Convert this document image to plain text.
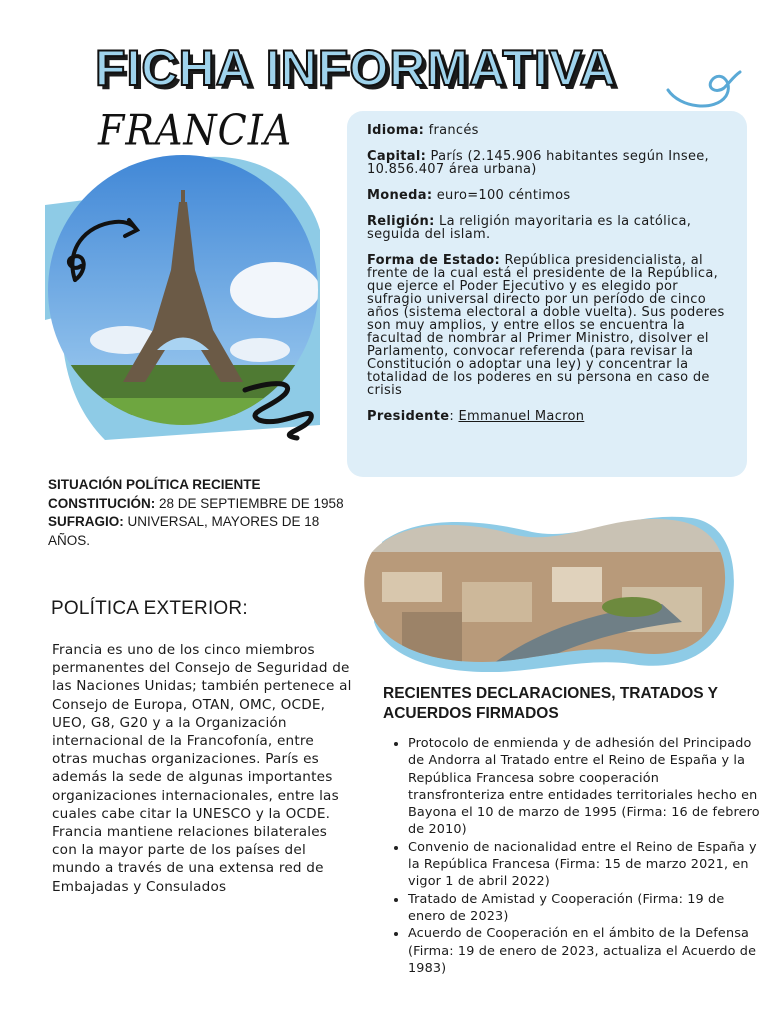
FICHA INFORMATIVA
FRANCIA	Idioma: francés

Capital: París (2.145.906 habitantes según Insee, 10.856.407 área urbana)

Moneda: euro=100 céntimos

Religión: La religión mayoritaria es la católica, seguida del islam.

Forma de Estado: República presidencialista, al frente de la cual está el presidente de la República, que ejerce el Poder Ejecutivo y es elegido por sufragio universal directo por un período de cinco años (sistema electoral a doble vuelta). Sus poderes son muy amplios, y entre ellos se encuentra la facultad de nombrar al Primer Ministro, disolver el Parlamento, convocar referenda (para revisar la Constitución o adoptar una ley) y concentrar la totalidad de los poderes en su persona en caso de crisis

Presidente: Emmanuel Macron

SITUACIÓN POLÍTICA RECIENTE
CONSTITUCIÓN: 28 DE SEPTIEMBRE DE 1958
SUFRAGIO: UNIVERSAL, MAYORES DE 18 AÑOS.
POLÍTICA EXTERIOR:
Francia es uno de los cinco miembros permanentes del Consejo de Seguridad de las Naciones Unidas; también pertenece al Consejo de Europa, OTAN, OMC, OCDE, UEO, G8, G20 y a la Organización internacional de la Francofonía, entre otras muchas organizaciones. París es además la sede de algunas importantes organizaciones internacionales, entre las cuales cabe citar la UNESCO y la OCDE. Francia mantiene relaciones bilaterales con la mayor parte de los países del mundo a través de una extensa red de Embajadas y Consulados
RECIENTES DECLARACIONES, TRATADOS Y ACUERDOS FIRMADOS
Protocolo de enmienda y de adhesión del Principado de Andorra al Tratado entre el Reino de España y la República Francesa sobre cooperación transfronteriza entre entidades territoriales hecho en Bayona el 10 de marzo de 1995 (Firma: 16 de febrero de 2010)
Convenio de nacionalidad entre el Reino de España y la República Francesa (Firma: 15 de marzo 2021, en vigor 1 de abril 2022)
Tratado de Amistad y Cooperación (Firma: 19 de enero de 2023)
Acuerdo de Cooperación en el ámbito de la Defensa (Firma: 19 de enero de 2023, actualiza el Acuerdo de 1983)
